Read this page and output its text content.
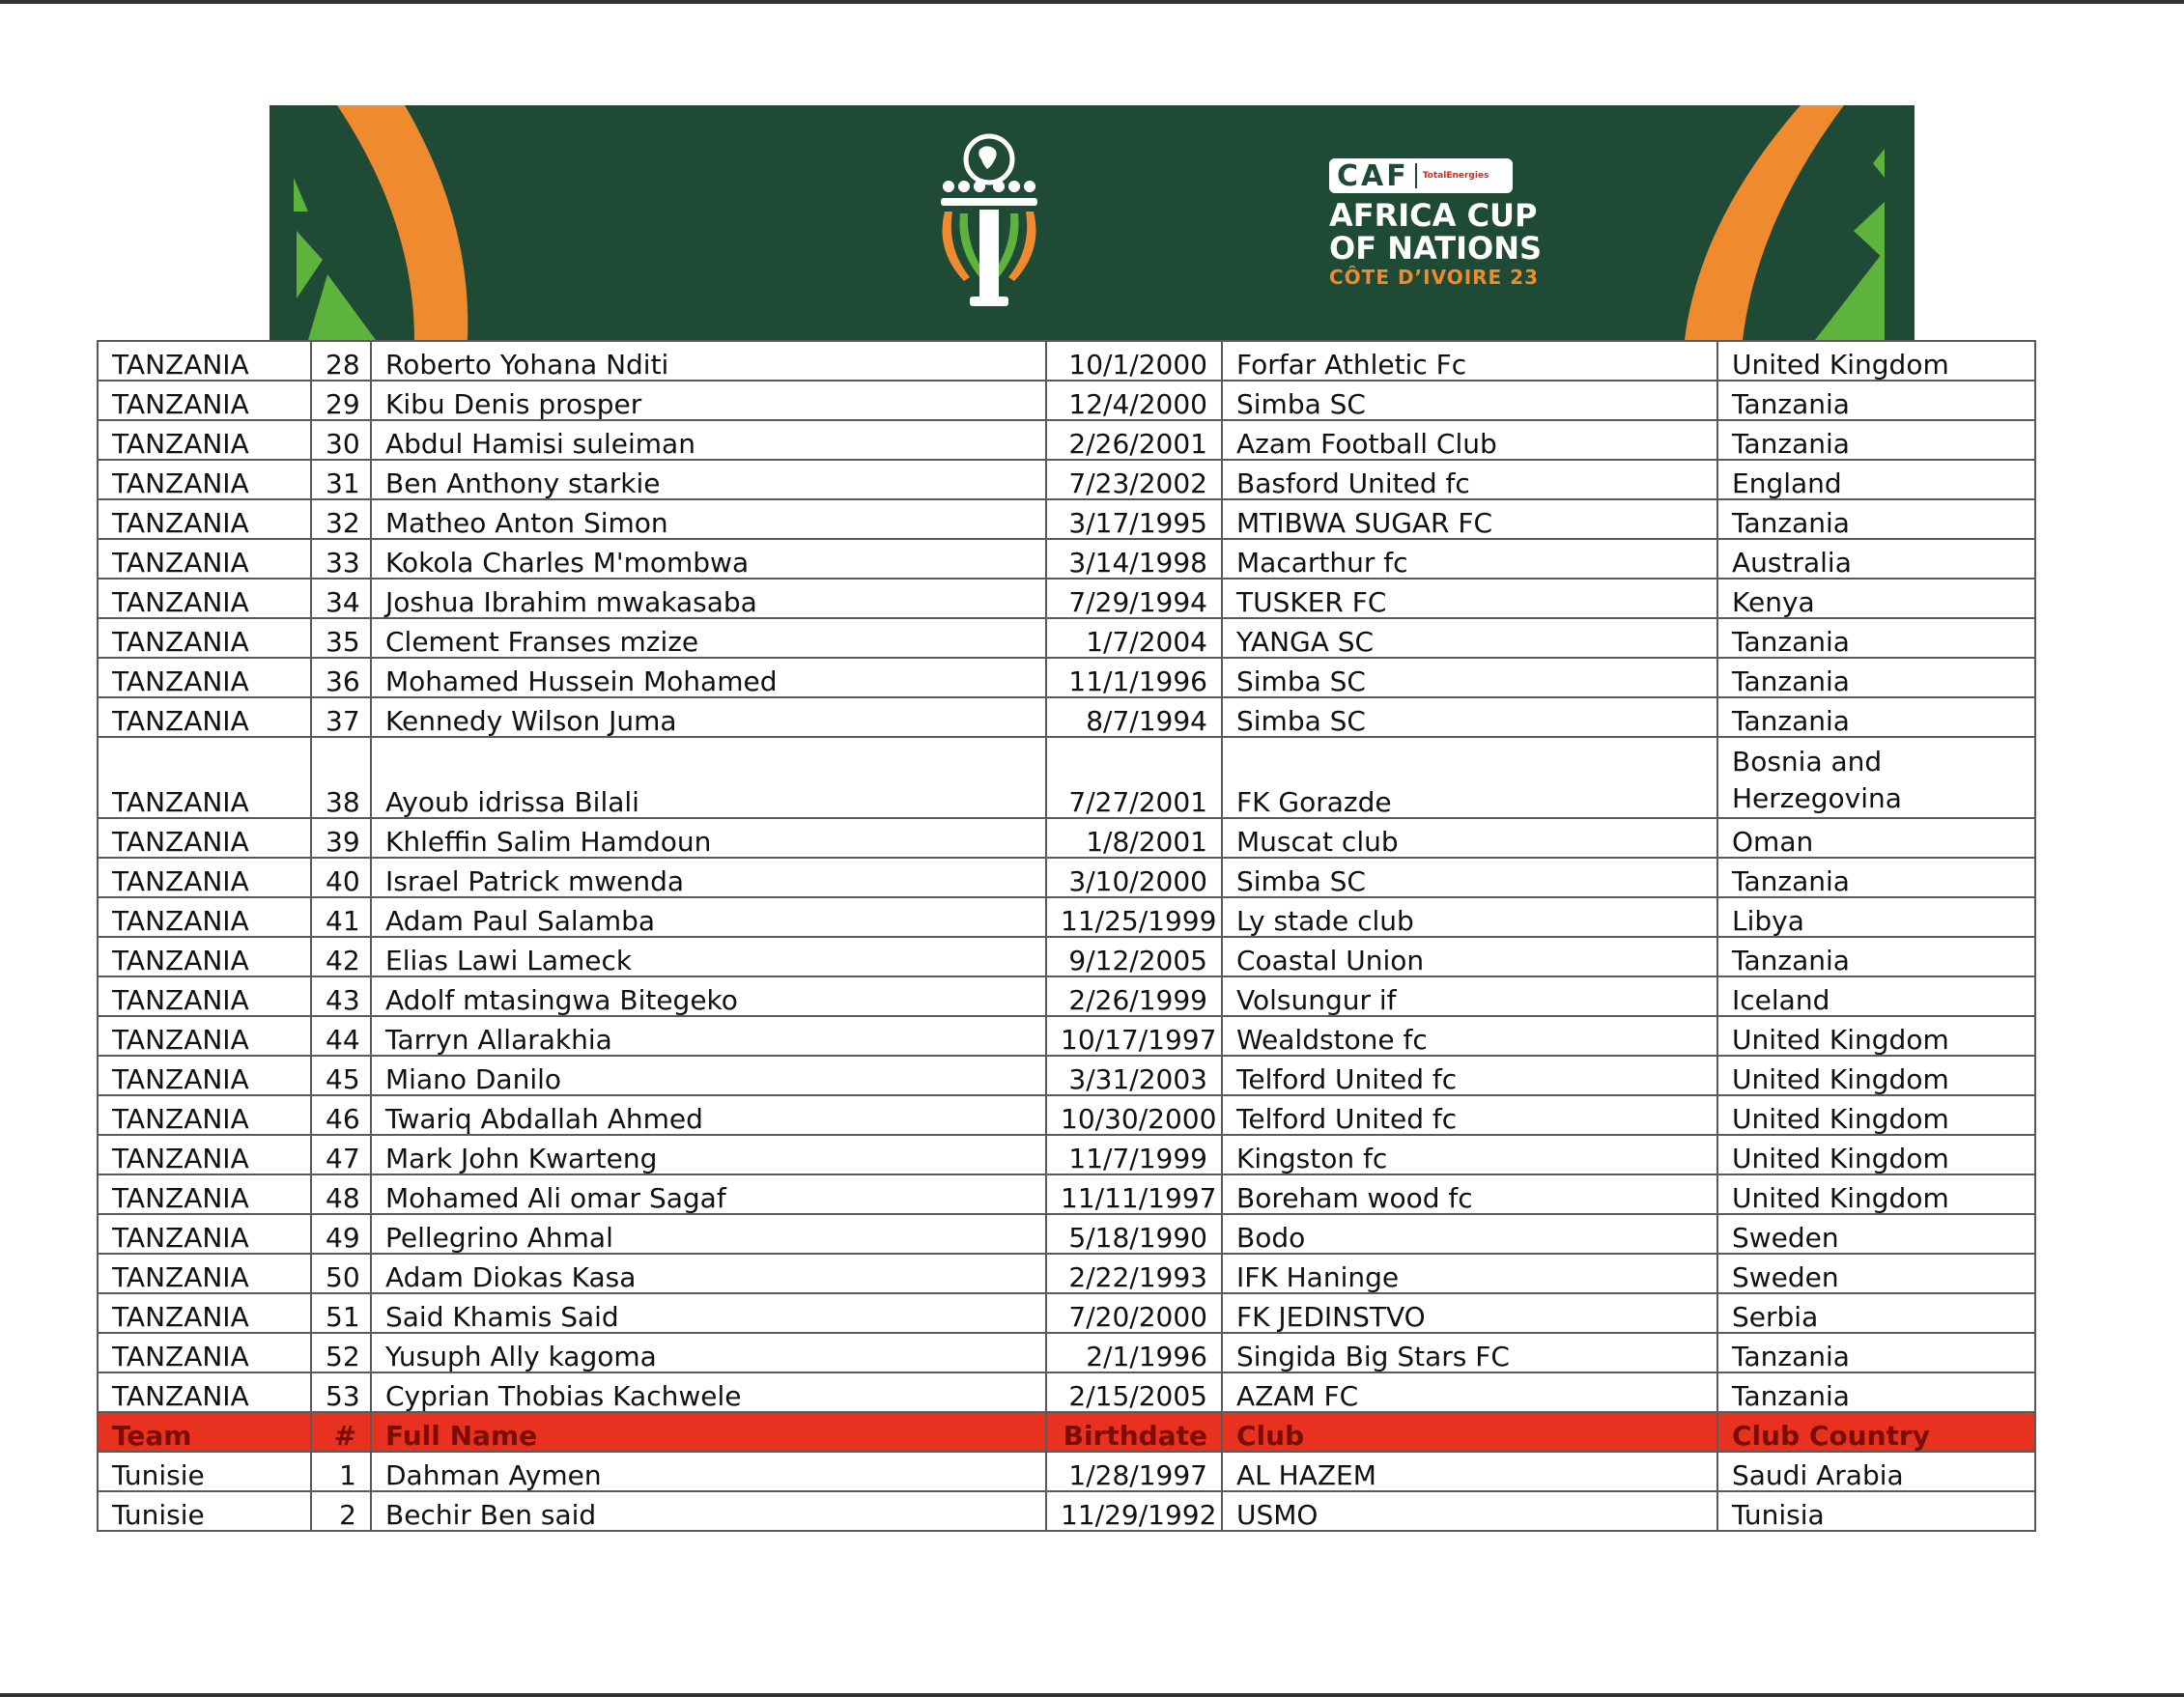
CAF TotalEnergies
AFRICA CUP
OF NATIONS
CÔTE D’IVOIRE 23
TANZANIA	28	Roberto Yohana Nditi	10/1/2000	Forfar Athletic Fc	United Kingdom
TANZANIA	29	Kibu Denis prosper	12/4/2000	Simba SC	Tanzania
TANZANIA	30	Abdul Hamisi suleiman	2/26/2001	Azam Football Club	Tanzania
TANZANIA	31	Ben Anthony starkie	7/23/2002	Basford United fc	England
TANZANIA	32	Matheo Anton Simon	3/17/1995	MTIBWA SUGAR FC	Tanzania
TANZANIA	33	Kokola Charles M'mombwa	3/14/1998	Macarthur fc	Australia
TANZANIA	34	Joshua Ibrahim mwakasaba	7/29/1994	TUSKER FC	Kenya
TANZANIA	35	Clement Franses mzize	1/7/2004	YANGA SC	Tanzania
TANZANIA	36	Mohamed Hussein Mohamed	11/1/1996	Simba SC	Tanzania
TANZANIA	37	Kennedy Wilson Juma	8/7/1994	Simba SC	Tanzania
TANZANIA	38	Ayoub idrissa Bilali	7/27/2001	FK Gorazde	Bosnia and Herzegovina
TANZANIA	39	Khleffin Salim Hamdoun	1/8/2001	Muscat club	Oman
TANZANIA	40	Israel Patrick mwenda	3/10/2000	Simba SC	Tanzania
TANZANIA	41	Adam Paul Salamba	11/25/1999	Ly stade club	Libya
TANZANIA	42	Elias Lawi Lameck	9/12/2005	Coastal Union	Tanzania
TANZANIA	43	Adolf mtasingwa Bitegeko	2/26/1999	Volsungur if	Iceland
TANZANIA	44	Tarryn Allarakhia	10/17/1997	Wealdstone fc	United Kingdom
TANZANIA	45	Miano Danilo	3/31/2003	Telford United fc	United Kingdom
TANZANIA	46	Twariq Abdallah Ahmed	10/30/2000	Telford United fc	United Kingdom
TANZANIA	47	Mark John Kwarteng	11/7/1999	Kingston fc	United Kingdom
TANZANIA	48	Mohamed Ali omar Sagaf	11/11/1997	Boreham wood fc	United Kingdom
TANZANIA	49	Pellegrino Ahmal	5/18/1990	Bodo	Sweden
TANZANIA	50	Adam Diokas Kasa	2/22/1993	IFK Haninge	Sweden
TANZANIA	51	Said Khamis Said	7/20/2000	FK JEDINSTVO	Serbia
TANZANIA	52	Yusuph Ally kagoma	2/1/1996	Singida Big Stars FC	Tanzania
TANZANIA	53	Cyprian Thobias Kachwele	2/15/2005	AZAM FC	Tanzania
Team	#	Full Name	Birthdate	Club	Club Country
Tunisie	1	Dahman Aymen	1/28/1997	AL HAZEM	Saudi Arabia
Tunisie	2	Bechir Ben said	11/29/1992	USMO	Tunisia
